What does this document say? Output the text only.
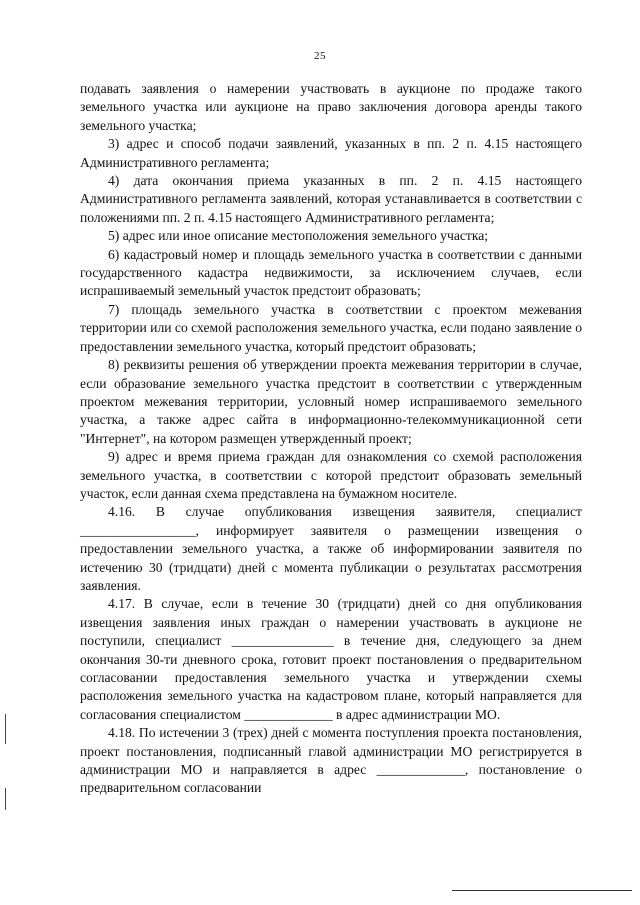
25

подавать заявления о намерении участвовать в аукционе по продаже такого земельного участка или аукционе на право заключения договора аренды такого земельного участка;

3) адрес и способ подачи заявлений, указанных в пп. 2 п. 4.15 настоящего Административного регламента;

4) дата окончания приема указанных в пп. 2 п. 4.15 настоящего Административного регламента заявлений, которая устанавливается в соответствии с положениями пп. 2 п. 4.15 настоящего Административного регламента;

5) адрес или иное описание местоположения земельного участка;

6) кадастровый номер и площадь земельного участка в соответствии с данными государственного кадастра недвижимости, за исключением случаев, если испрашиваемый земельный участок предстоит образовать;

7) площадь земельного участка в соответствии с проектом межевания территории или со схемой расположения земельного участка, если подано заявление о предоставлении земельного участка, который предстоит образовать;

8) реквизиты решения об утверждении проекта межевания территории в случае, если образование земельного участка предстоит в соответствии с утвержденным проектом межевания территории, условный номер испрашиваемого земельного участка, а также адрес сайта в информационно-телекоммуникационной сети "Интернет", на котором размещен утвержденный проект;

9) адрес и время приема граждан для ознакомления со схемой расположения земельного участка, в соответствии с которой предстоит образовать земельный участок, если данная схема представлена на бумажном носителе.

4.16. В случае опубликования извещения заявителя, специалист _________________, информирует заявителя о размещении извещения о предоставлении земельного участка, а также об информировании заявителя по истечению 30 (тридцати) дней с момента публикации о результатах рассмотрения заявления.

4.17. В случае, если в течение 30 (тридцати) дней со дня опубликования извещения заявления иных граждан о намерении участвовать в аукционе не поступили, специалист _______________ в течение дня, следующего за днем окончания 30-ти дневного срока, готовит проект постановления о предварительном согласовании предоставления земельного участка и утверждении схемы расположения земельного участка на кадастровом плане, который направляется для согласования специалистом _____________ в адрес администрации МО.

4.18. По истечении 3 (трех) дней с момента поступления проекта постановления, проект постановления, подписанный главой администрации МО регистрируется в администрации МО и направляется в адрес _____________, постановление о предварительном согласовании
